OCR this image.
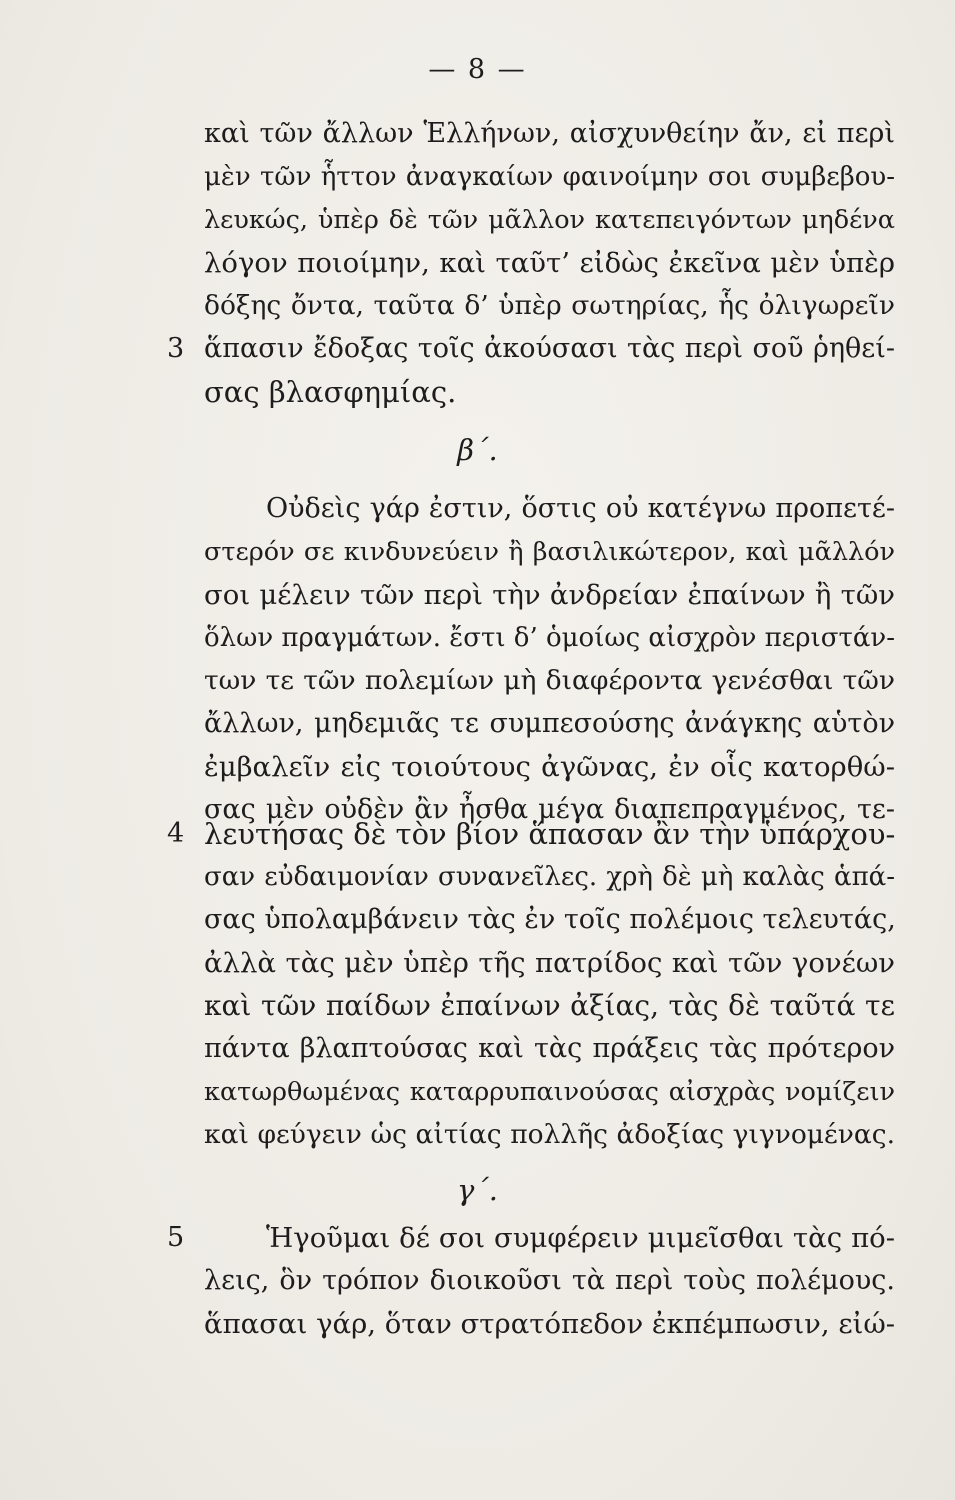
— 8 —
καὶ τῶν ἄλλων Ἑλλήνων, αἰσχυνθείην ἄν, εἰ περὶ
μὲν τῶν ἧττον ἀναγκαίων φαινοίμην σοι συμβεβου-
λευκώς, ὑπὲρ δὲ τῶν μᾶλλον κατεπειγόντων μηδένα
λόγον ποιοίμην, καὶ ταῦτ’ εἰδὼς ἐκεῖνα μὲν ὑπὲρ
δόξης ὄντα, ταῦτα δ’ ὑπὲρ σωτηρίας, ἧς ὀλιγωρεῖν
3 ἅπασιν ἔδοξας τοῖς ἀκούσασι τὰς περὶ σοῦ ῥηθεί-
σας βλασφημίας.
β΄.
Οὐδεὶς γάρ ἐστιν, ὅστις οὐ κατέγνω προπετέ-
στερόν σε κινδυνεύειν ἢ βασιλικώτερον, καὶ μᾶλλόν
σοι μέλειν τῶν περὶ τὴν ἀνδρείαν ἐπαίνων ἢ τῶν
ὅλων πραγμάτων. ἔστι δ’ ὁμοίως αἰσχρὸν περιστάν-
των τε τῶν πολεμίων μὴ διαφέροντα γενέσθαι τῶν
ἄλλων, μηδεμιᾶς τε συμπεσούσης ἀνάγκης αὑτὸν
ἐμβαλεῖν εἰς τοιούτους ἀγῶνας, ἐν οἷς κατορθώ-
σας μὲν οὐδὲν ἂν ἦσθα μέγα διαπεπραγμένος, τε-
4 λευτήσας δὲ τὸν βίον ἅπασαν ἂν τὴν ὑπάρχου-
σαν εὐδαιμονίαν συνανεῖλες. χρὴ δὲ μὴ καλὰς ἁπά-
σας ὑπολαμβάνειν τὰς ἐν τοῖς πολέμοις τελευτάς,
ἀλλὰ τὰς μὲν ὑπὲρ τῆς πατρίδος καὶ τῶν γονέων
καὶ τῶν παίδων ἐπαίνων ἀξίας, τὰς δὲ ταῦτά τε
πάντα βλαπτούσας καὶ τὰς πράξεις τὰς πρότερον
κατωρθωμένας καταρρυπαινούσας αἰσχρὰς νομίζειν
καὶ φεύγειν ὡς αἰτίας πολλῆς ἀδοξίας γιγνομένας.
γ΄.
5	Ἡγοῦμαι δέ σοι συμφέρειν μιμεῖσθαι τὰς πό-
λεις, ὃν τρόπον διοικοῦσι τὰ περὶ τοὺς πολέμους.
ἅπασαι γάρ, ὅταν στρατόπεδον ἐκπέμπωσιν, εἰώ-
